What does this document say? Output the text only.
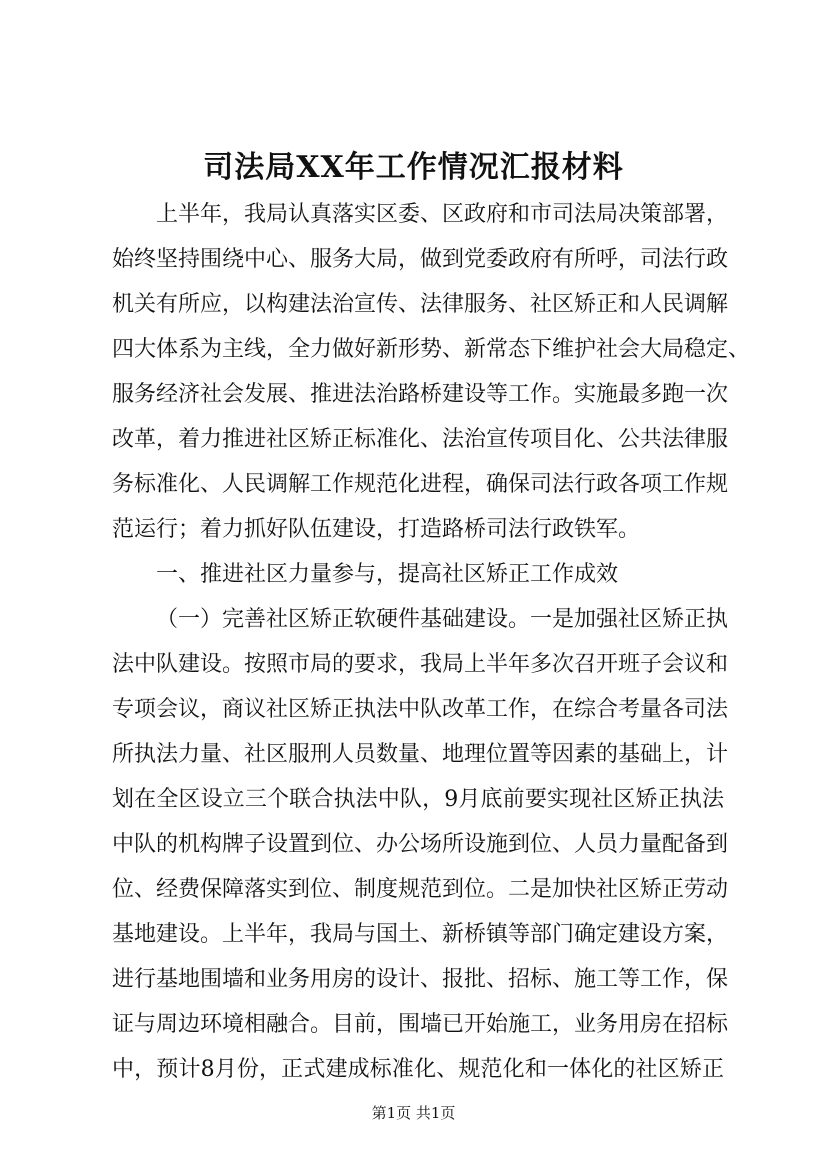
司法局XX年工作情况汇报材料
上半年，我局认真落实区委、区政府和市司法局决策部署，
始终坚持围绕中心、服务大局，做到党委政府有所呼，司法行政
机关有所应，以构建法治宣传、法律服务、社区矫正和人民调解
四大体系为主线，全力做好新形势、新常态下维护社会大局稳定、
服务经济社会发展、推进法治路桥建设等工作。实施最多跑一次
改革，着力推进社区矫正标准化、法治宣传项目化、公共法律服
务标准化、人民调解工作规范化进程，确保司法行政各项工作规
范运行；着力抓好队伍建设，打造路桥司法行政铁军。
一、推进社区力量参与，提高社区矫正工作成效
（一）完善社区矫正软硬件基础建设。一是加强社区矫正执
法中队建设。按照市局的要求，我局上半年多次召开班子会议和
专项会议，商议社区矫正执法中队改革工作，在综合考量各司法
所执法力量、社区服刑人员数量、地理位置等因素的基础上，计
划在全区设立三个联合执法中队，9月底前要实现社区矫正执法
中队的机构牌子设置到位、办公场所设施到位、人员力量配备到
位、经费保障落实到位、制度规范到位。二是加快社区矫正劳动
基地建设。上半年，我局与国土、新桥镇等部门确定建设方案，
进行基地围墙和业务用房的设计、报批、招标、施工等工作，保
证与周边环境相融合。目前，围墙已开始施工，业务用房在招标
中，预计8月份，正式建成标准化、规范化和一体化的社区矫正
第1页 共1页
